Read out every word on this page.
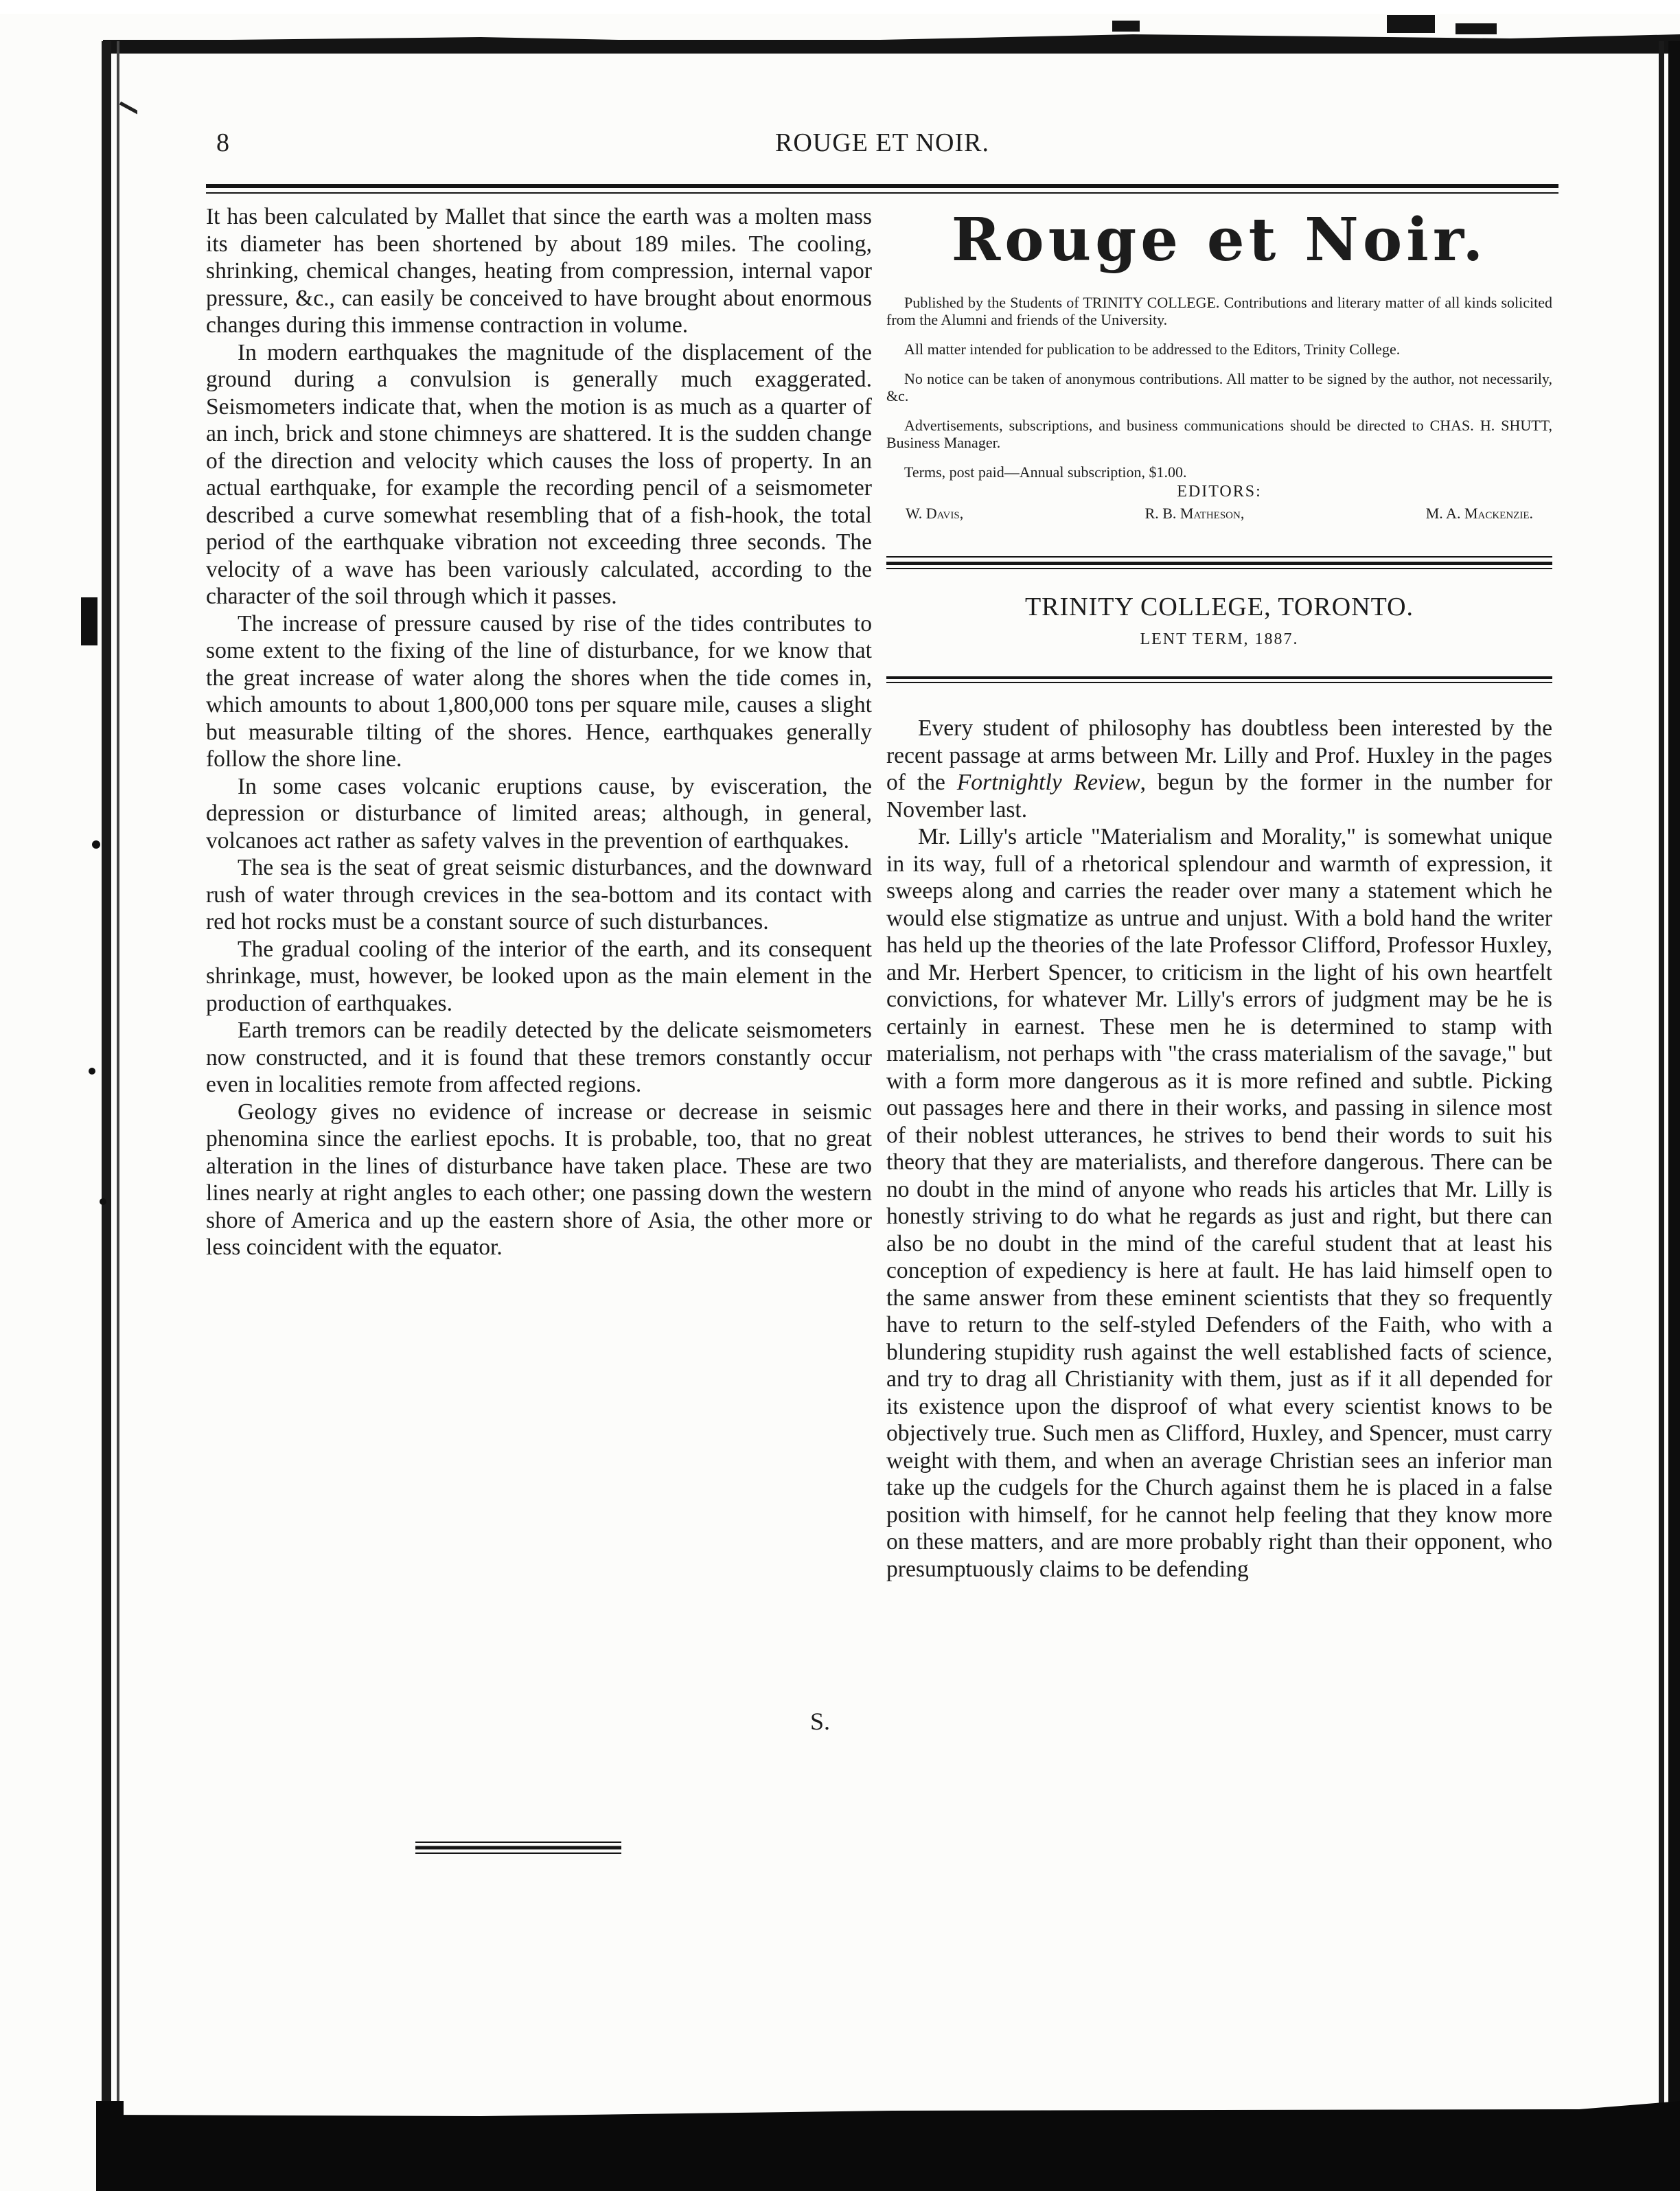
8	ROUGE ET NOIR.

It has been calculated by Mallet that since the earth was a molten mass its diameter has been shortened by about 189 miles. The cooling, shrinking, chemical changes, heating from compression, internal vapor pressure, &c., can easily be conceived to have brought about enormous changes during this immense contraction in volume.

In modern earthquakes the magnitude of the displacement of the ground during a convulsion is generally much exaggerated. Seismometers indicate that, when the motion is as much as a quarter of an inch, brick and stone chimneys are shattered. It is the sudden change of the direction and velocity which causes the loss of property. In an actual earthquake, for example the recording pencil of a seismometer described a curve somewhat resembling that of a fish-hook, the total period of the earthquake vibration not exceeding three seconds. The velocity of a wave has been variously calculated, according to the character of the soil through which it passes.

The increase of pressure caused by rise of the tides contributes to some extent to the fixing of the line of disturbance, for we know that the great increase of water along the shores when the tide comes in, which amounts to about 1,800,000 tons per square mile, causes a slight but measurable tilting of the shores. Hence, earthquakes generally follow the shore line.

In some cases volcanic eruptions cause, by evisceration, the depression or disturbance of limited areas; although, in general, volcanoes act rather as safety valves in the prevention of earthquakes.

The sea is the seat of great seismic disturbances, and the downward rush of water through crevices in the sea-bottom and its contact with red hot rocks must be a constant source of such disturbances.

The gradual cooling of the interior of the earth, and its consequent shrinkage, must, however, be looked upon as the main element in the production of earthquakes.

Earth tremors can be readily detected by the delicate seismometers now constructed, and it is found that these tremors constantly occur even in localities remote from affected regions.

Geology gives no evidence of increase or decrease in seismic phenomina since the earliest epochs. It is probable, too, that no great alteration in the lines of disturbance have taken place. These are two lines nearly at right angles to each other; one passing down the western shore of America and up the eastern shore of Asia, the other more or less coincident with the equator.

S.
Rouge et Noir.

Published by the Students of TRINITY COLLEGE. Contributions and literary matter of all kinds solicited from the Alumni and friends of the University.

All matter intended for publication to be addressed to the Editors, Trinity College.

No notice can be taken of anonymous contributions. All matter to be signed by the author, not necessarily, &c.

Advertisements, subscriptions, and business communications should be directed to CHAS. H. SHUTT, Business Manager.

Terms, post paid—Annual subscription, $1.00.

EDITORS:
W. Davis,	R. B. Matheson,	M. A. Mackenzie.
TRINITY COLLEGE, TORONTO.
LENT TERM, 1887.

Every student of philosophy has doubtless been interested by the recent passage at arms between Mr. Lilly and Prof. Huxley in the pages of the Fortnightly Review, begun by the former in the number for November last.

Mr. Lilly's article "Materialism and Morality," is somewhat unique in its way, full of a rhetorical splendour and warmth of expression, it sweeps along and carries the reader over many a statement which he would else stigmatize as untrue and unjust. With a bold hand the writer has held up the theories of the late Professor Clifford, Professor Huxley, and Mr. Herbert Spencer, to criticism in the light of his own heartfelt convictions, for whatever Mr. Lilly's errors of judgment may be he is certainly in earnest. These men he is determined to stamp with materialism, not perhaps with "the crass materialism of the savage," but with a form more dangerous as it is more refined and subtle. Picking out passages here and there in their works, and passing in silence most of their noblest utterances, he strives to bend their words to suit his theory that they are materialists, and therefore dangerous. There can be no doubt in the mind of anyone who reads his articles that Mr. Lilly is honestly striving to do what he regards as just and right, but there can also be no doubt in the mind of the careful student that at least his conception of expediency is here at fault. He has laid himself open to the same answer from these eminent scientists that they so frequently have to return to the self-styled Defenders of the Faith, who with a blundering stupidity rush against the well established facts of science, and try to drag all Christianity with them, just as if it all depended for its existence upon the disproof of what every scientist knows to be objectively true. Such men as Clifford, Huxley, and Spencer, must carry weight with them, and when an average Christian sees an inferior man take up the cudgels for the Church against them he is placed in a false position with himself, for he cannot help feeling that they know more on these matters, and are more probably right than their opponent, who presumptuously claims to be defending
